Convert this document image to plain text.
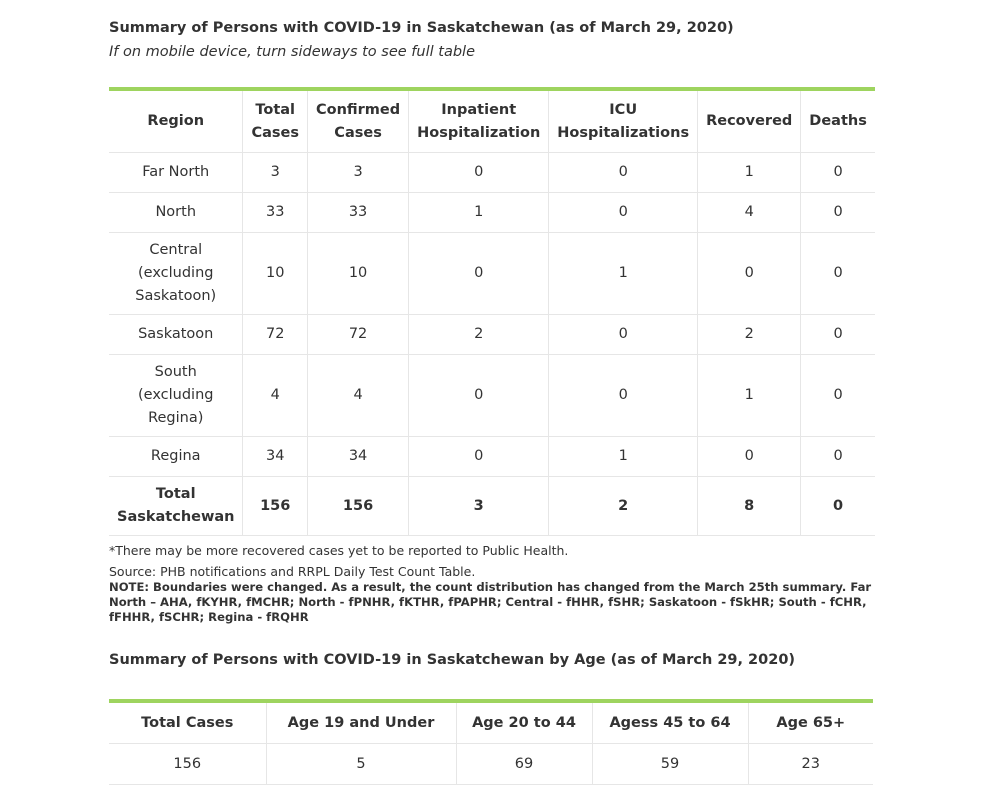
Summary of Persons with COVID-19 in Saskatchewan (as of March 29, 2020)

If on mobile device, turn sideways to see full table

Region	Total Cases	Confirmed Cases	Inpatient Hospitalization	ICU Hospitalizations	Recovered	Deaths
Far North	3	3	0	0	1	0
North	33	33	1	0	4	0
Central (excluding Saskatoon)	10	10	0	1	0	0
Saskatoon	72	72	2	0	2	0
South (excluding Regina)	4	4	0	0	1	0
Regina	34	34	0	1	0	0
Total Saskatchewan	156	156	3	2	8	0

*There may be more recovered cases yet to be reported to Public Health.

Source: PHB notifications and RRPL Daily Test Count Table.

NOTE: Boundaries were changed. As a result, the count distribution has changed from the March 25th summary. Far North – AHA, fKYHR, fMCHR; North - fPNHR, fKTHR, fPAPHR; Central - fHHR, fSHR; Saskatoon - fSkHR; South - fCHR, fFHHR, fSCHR; Regina - fRQHR

Summary of Persons with COVID-19 in Saskatchewan by Age (as of March 29, 2020)

Total Cases	Age 19 and Under	Age 20 to 44	Agess 45 to 64	Age 65+
156	5	69	59	23
